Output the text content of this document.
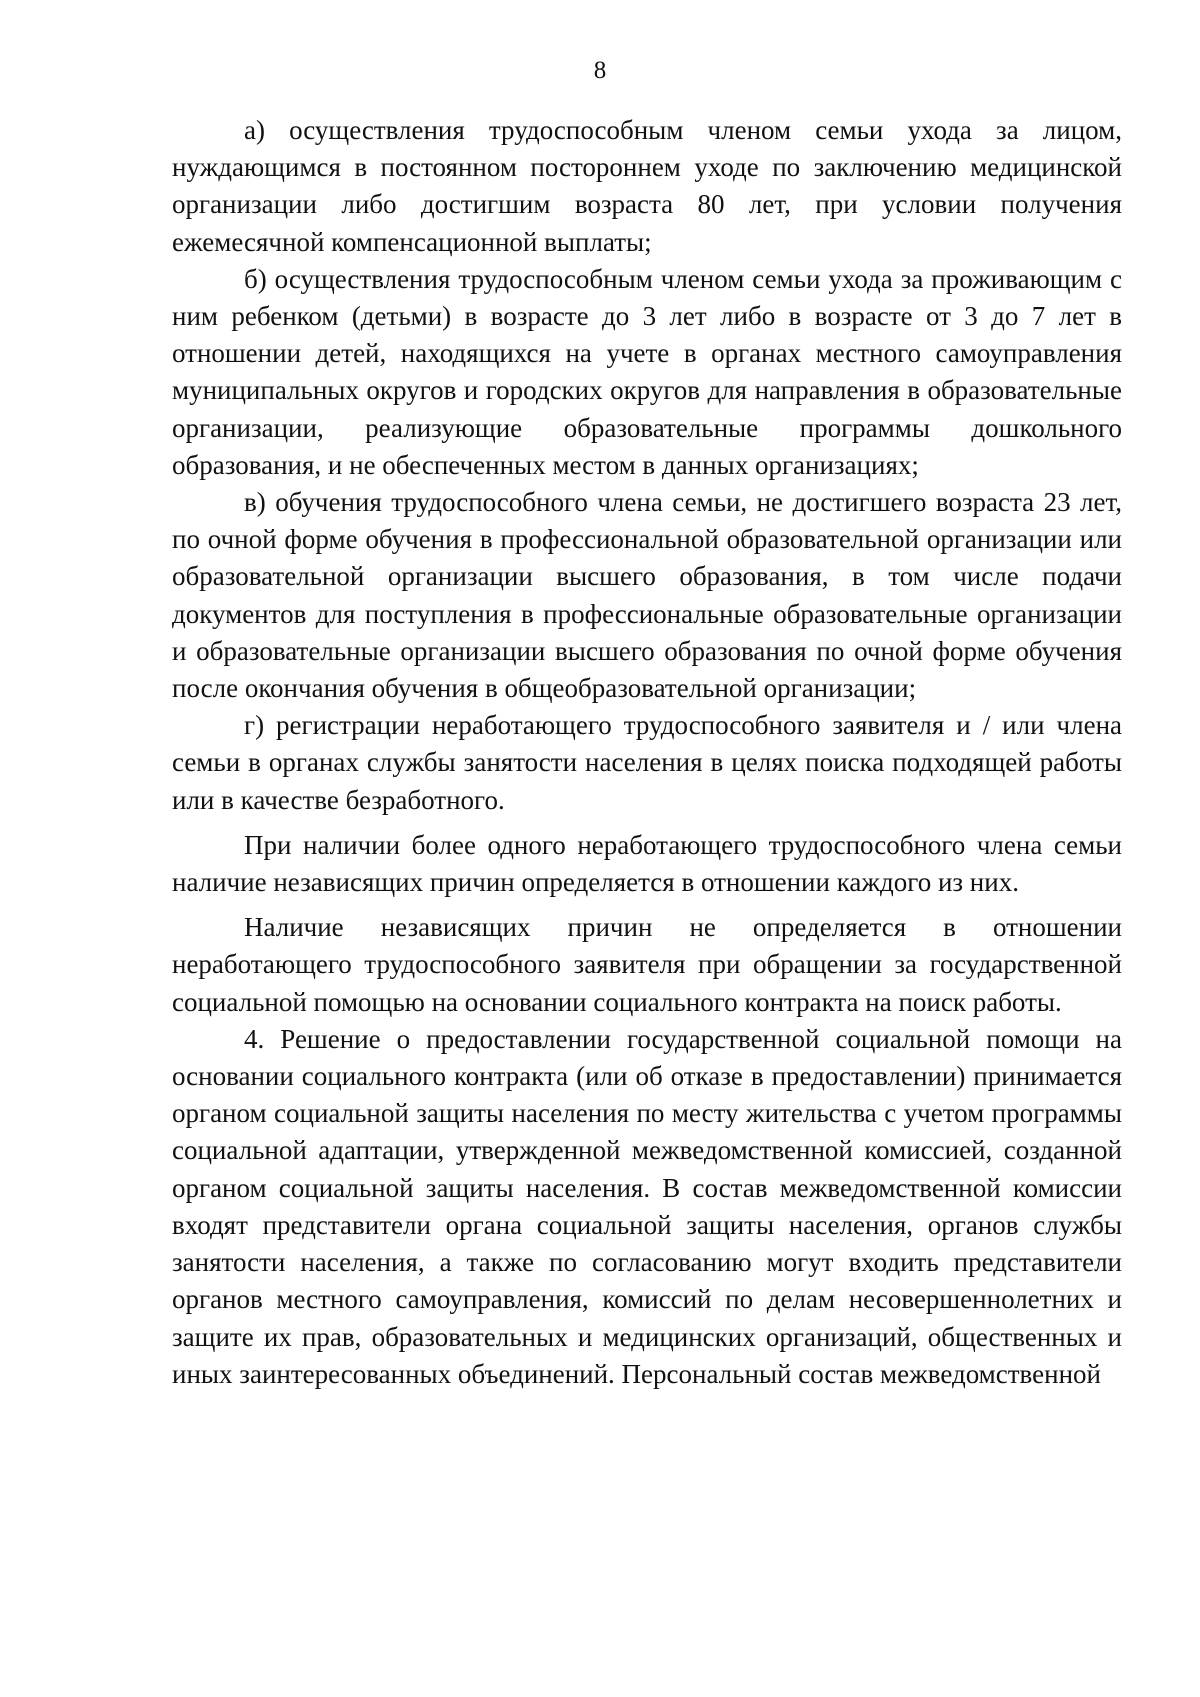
8

а) осуществления трудоспособным членом семьи ухода за лицом, нуждающимся в постоянном постороннем уходе по заключению медицинской организации либо достигшим возраста 80 лет, при условии получения ежемесячной компенсационной выплаты;

б) осуществления трудоспособным членом семьи ухода за проживающим с ним ребенком (детьми) в возрасте до 3 лет либо в возрасте от 3 до 7 лет в отношении детей, находящихся на учете в органах местного самоуправления муниципальных округов и городских округов для направления в образовательные организации, реализующие образовательные программы дошкольного образования, и не обеспеченных местом в данных организациях;

в) обучения трудоспособного члена семьи, не достигшего возраста 23 лет, по очной форме обучения в профессиональной образовательной организации или образовательной организации высшего образования, в том числе подачи документов для поступления в профессиональные образовательные организации и образовательные организации высшего образования по очной форме обучения после окончания обучения в общеобразовательной организации;

г) регистрации неработающего трудоспособного заявителя и / или члена семьи в органах службы занятости населения в целях поиска подходящей работы или в качестве безработного.

При наличии более одного неработающего трудоспособного члена семьи наличие независящих причин определяется в отношении каждого из них.

Наличие независящих причин не определяется в отношении неработающего трудоспособного заявителя при обращении за государственной социальной помощью на основании социального контракта на поиск работы.

4. Решение о предоставлении государственной социальной помощи на основании социального контракта (или об отказе в предоставлении) принимается органом социальной защиты населения по месту жительства с учетом программы социальной адаптации, утвержденной межведомственной комиссией, созданной органом социальной защиты населения. В состав межведомственной комиссии входят представители органа социальной защиты населения, органов службы занятости населения, а также по согласованию могут входить представители органов местного самоуправления, комиссий по делам несовершеннолетних и защите их прав, образовательных и медицинских организаций, общественных и иных заинтересованных объединений. Персональный состав межведомственной
